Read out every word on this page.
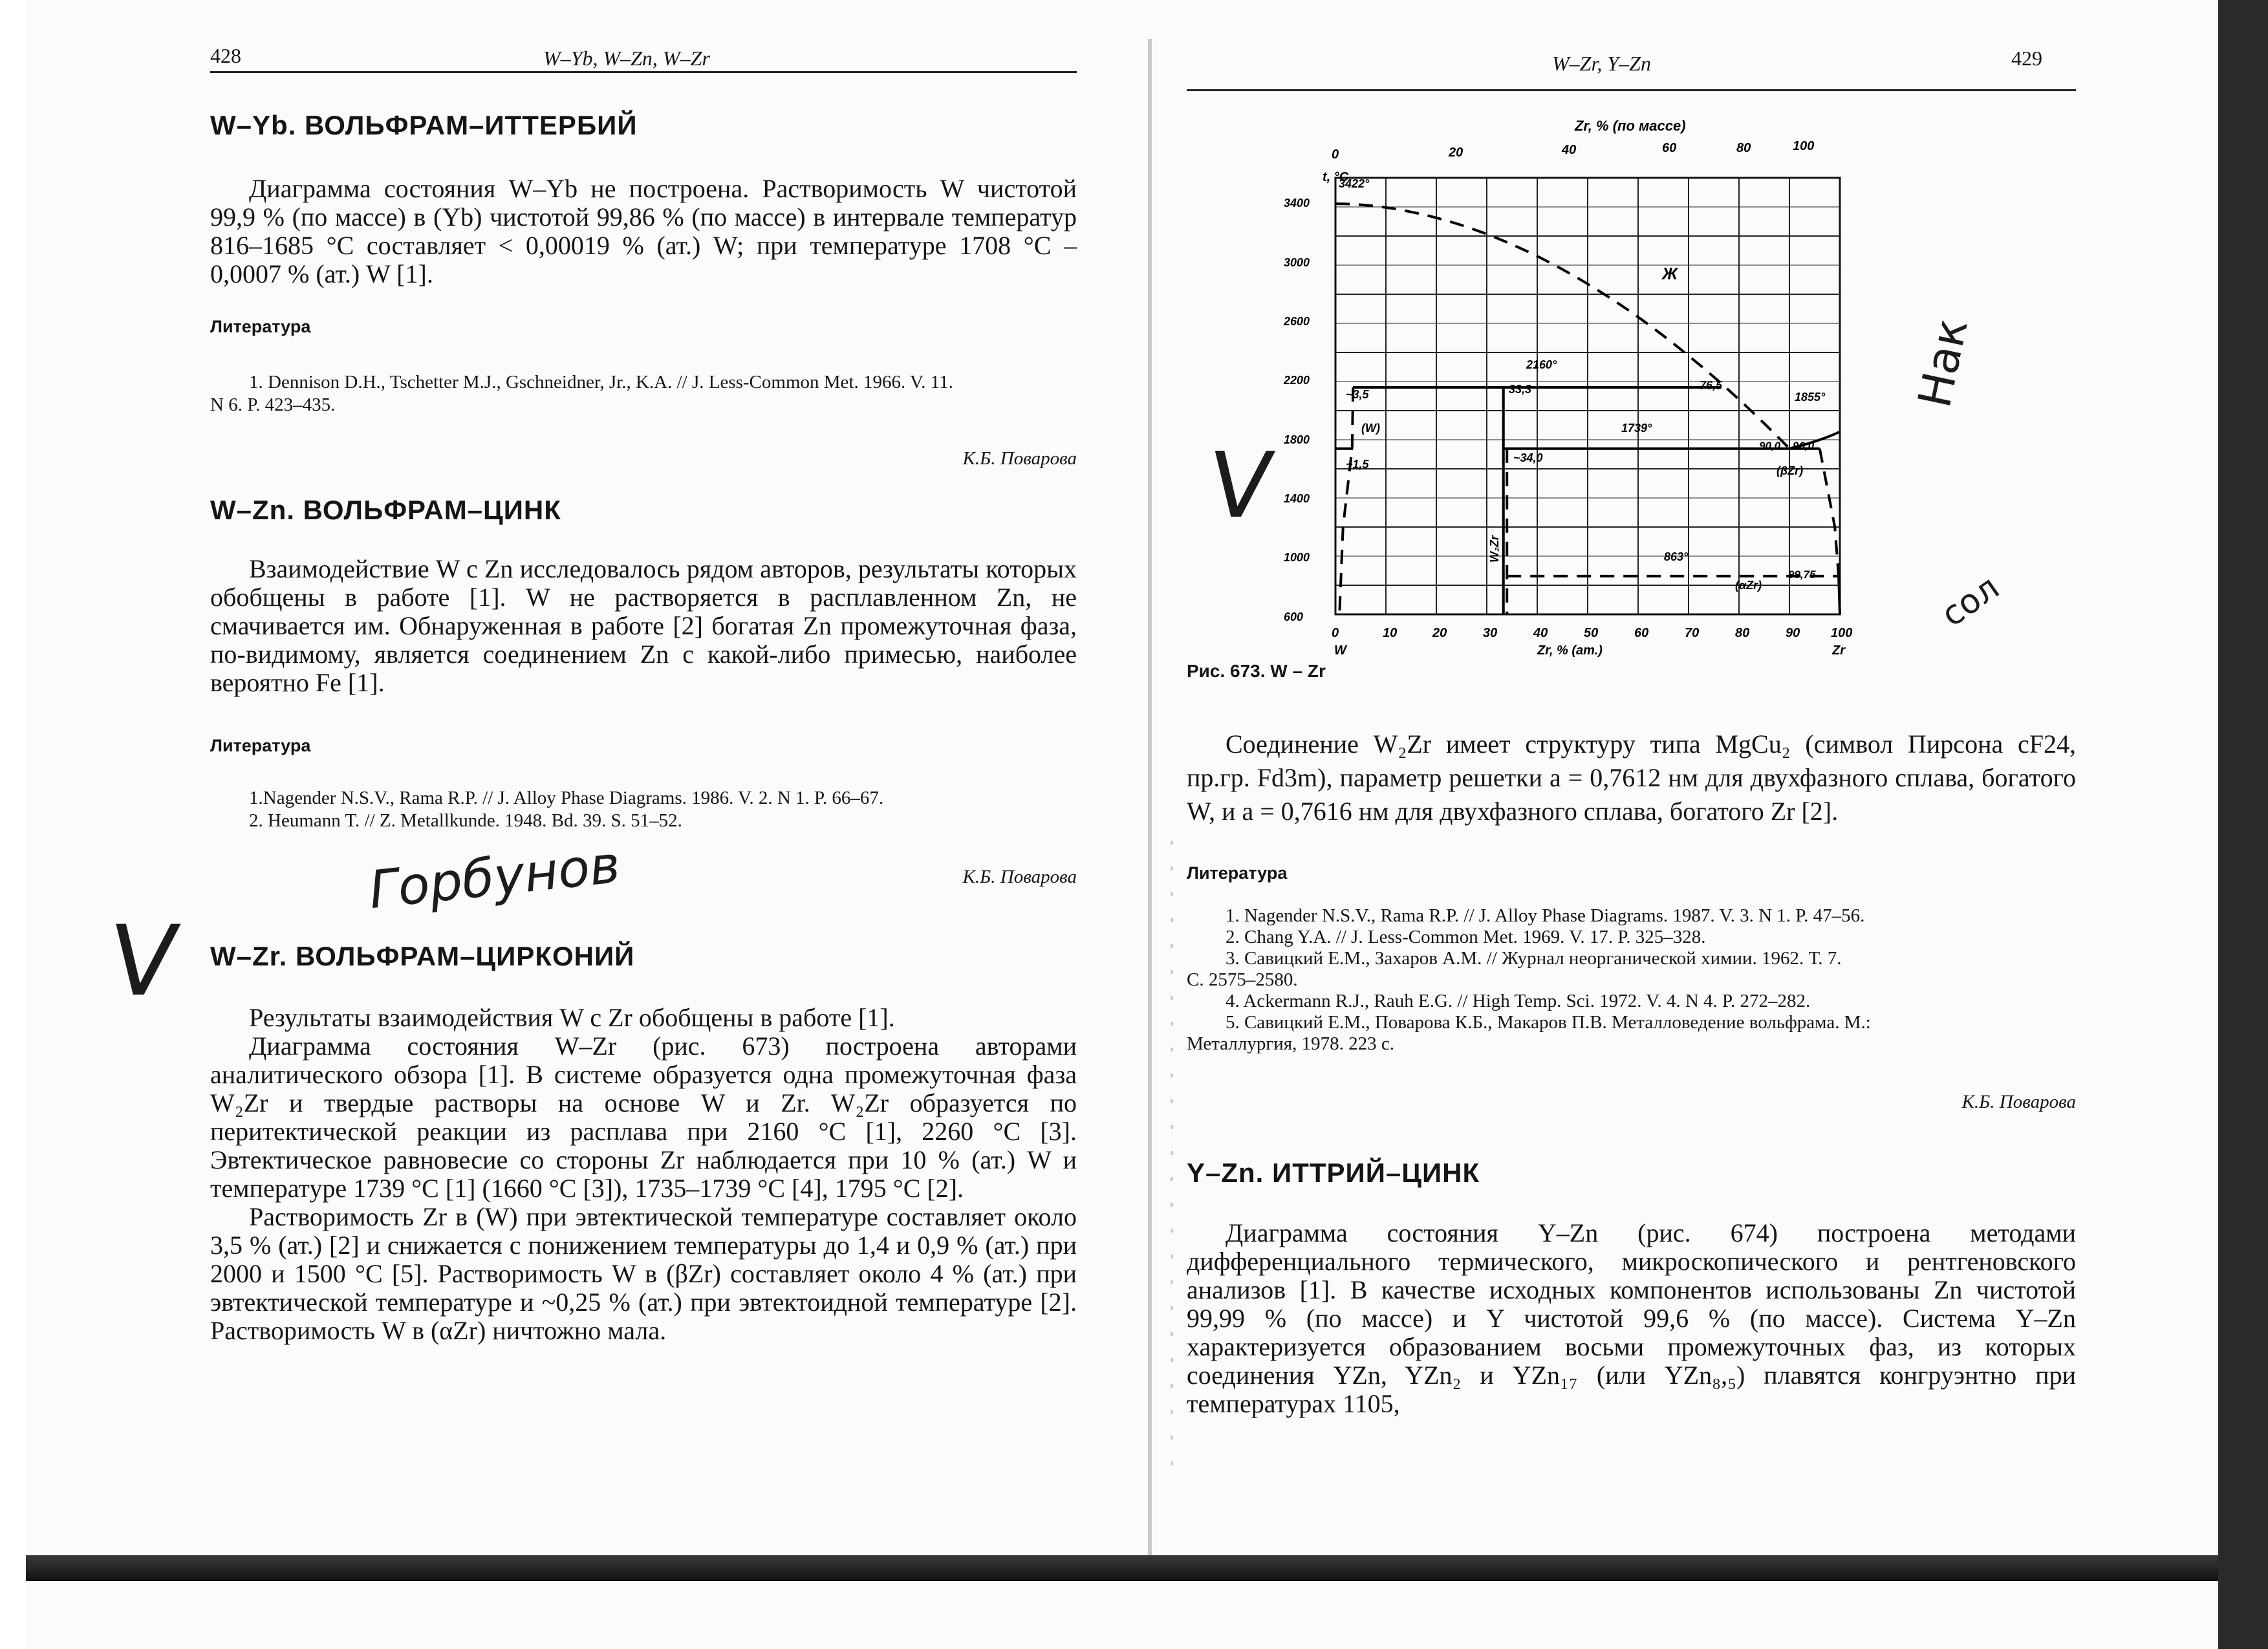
428	W–Yb, W–Zn, W–Zr
W–Yb. ВОЛЬФРАМ–ИТТЕРБИЙ

Диаграмма состояния W–Yb не построена. Растворимость W чистотой 99,9 % (по массе) в (Yb) чистотой 99,86 % (по массе) в интервале температур 816–1685 °С составляет < 0,00019 % (ат.) W; при температуре 1708 °С – 0,0007 % (ат.) W [1].

Литература
1. Dennison D.H., Tschetter M.J., Gschneidner, Jr., K.A. // J. Less-Common Met. 1966. V. 11.
N 6. P. 423–435.
К.Б. Поварова
W–Zn. ВОЛЬФРАМ–ЦИНК

Взаимодействие W с Zn исследовалось рядом авторов, результаты которых обобщены в работе [1]. W не растворяется в расплавленном Zn, не смачивается им. Обнаруженная в работе [2] богатая Zn промежуточная фаза, по-видимому, является соединением Zn с какой-либо примесью, наиболее вероятно Fe [1].

Литература
1.Nagender N.S.V., Rama R.P. // J. Alloy Phase Diagrams. 1986. V. 2. N 1. P. 66–67.
2. Heumann T. // Z. Metallkunde. 1948. Bd. 39. S. 51–52.
К.Б. Поварова
W–Zr. ВОЛЬФРАМ–ЦИРКОНИЙ

Результаты взаимодействия W с Zr обобщены в работе [1].

Диаграмма состояния W–Zr (рис. 673) построена авторами аналитического обзора [1]. В системе образуется одна промежуточная фаза W₂Zr и твердые растворы на основе W и Zr. W₂Zr образуется по перитектической реакции из расплава при 2160 °С [1], 2260 °С [3]. Эвтектическое равновесие со стороны Zr наблюдается при 10 % (ат.) W и температуре 1739 °С [1] (1660 °С [3]), 1735–1739 °С [4], 1795 °С [2].

Растворимость Zr в (W) при эвтектической температуре составляет около 3,5 % (ат.) [2] и снижается с понижением температуры до 1,4 и 0,9 % (ат.) при 2000 и 1500 °С [5]. Растворимость W в (βZr) составляет около 4 % (ат.) при эвтектической температуре и ~0,25 % (ат.) при эвтектоидной температуре [2]. Растворимость W в (αZr) ничтожно мала.

Горбунов
V
W–Zr, Y–Zn	429
Zr, % (по массе)
0	20	40	60	80	100
t, °C
3400
3000
2600
2200
1800
1400
1000
600
0	10	20	30	40	50	60	70	80	90 100
W	Zr
Zr, % (ат.)
3422°
Ж
2160°
33,3	76,5
1739°
1855°
~3,5
(W)
~1,5	~34,0
W₂Zr
90,0 96,0
(βZr)
863°
(αZr)
99,75
Рис. 673. W – Zr

Соединение W₂Zr имеет структуру типа MgCu₂ (символ Пирсона cF24, пр.гр. Fd3m), параметр решетки a = 0,7612 нм для двухфазного сплава, богатого W, и a = 0,7616 нм для двухфазного сплава, богатого Zr [2].

Литература
1. Nagender N.S.V., Rama R.P. // J. Alloy Phase Diagrams. 1987. V. 3. N 1. P. 47–56.
2. Chang Y.A. // J. Less-Common Met. 1969. V. 17. P. 325–328.
3. Савицкий Е.М., Захаров А.М. // Журнал неорганической химии. 1962. Т. 7.
С. 2575–2580.
4. Ackermann R.J., Rauh E.G. // High Temp. Sci. 1972. V. 4. N 4. P. 272–282.
5. Савицкий Е.М., Поварова К.Б., Макаров П.В. Металловедение вольфрама. М.:
Металлургия, 1978. 223 с.
К.Б. Поварова
Y–Zn. ИТТРИЙ–ЦИНК

Диаграмма состояния Y–Zn (рис. 674) построена методами дифференциального термического, микроскопического и рентгеновского анализов [1]. В качестве исходных компонентов использованы Zn чистотой 99,99 % (по массе) и Y чистотой 99,6 % (по массе). Система Y–Zn характеризуется образованием восьми промежуточных фаз, из которых соединения YZn, YZn₂ и YZn₁₇ (или YZn₈,₅) плавятся конгруэнтно при температурах 1105,

V
Нак
сол
